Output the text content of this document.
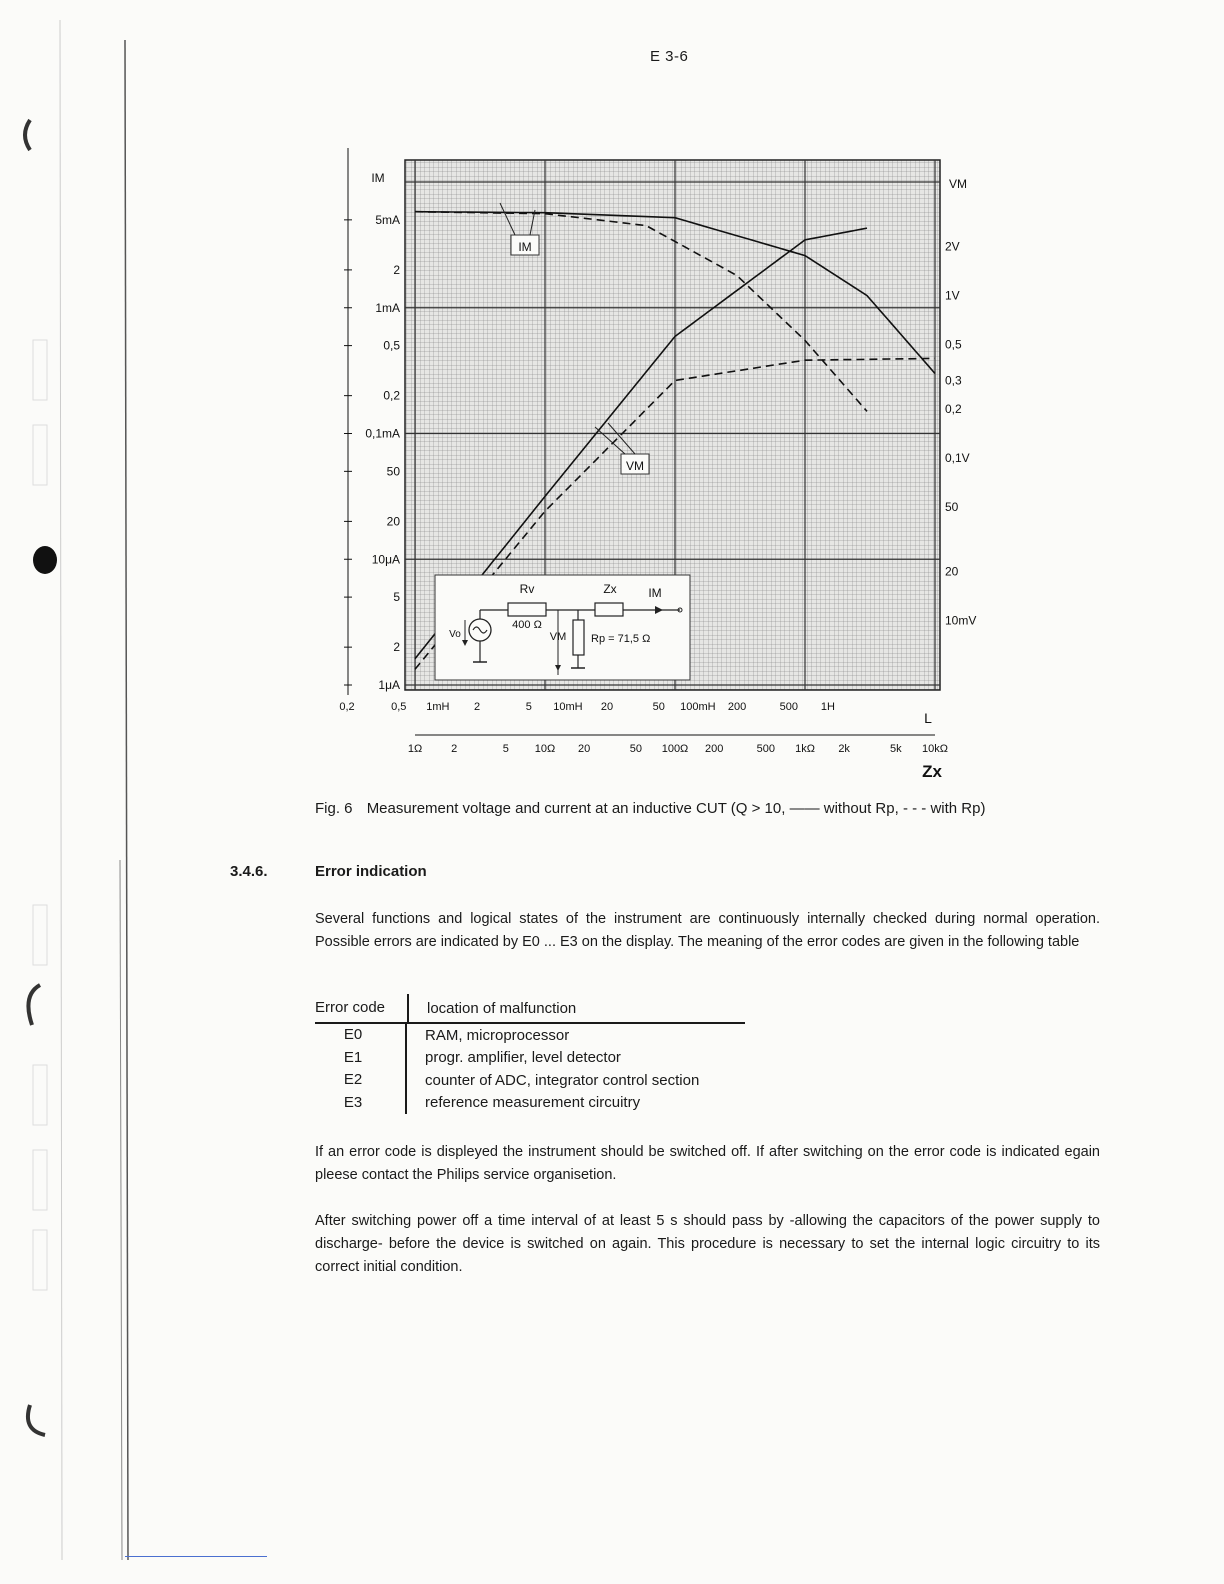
E 3-6
5mA
2
1mA
0,5
0,2
0,1mA
50
20
10μA
5
2
1μA
IM
2V
1V
0,5
0,3
0,2
0,1V
50
20
10mV
VM
0,2	0,5 1mH 2	5 10mH 20	50 100mH 200	500 1H
L
1Ω	2	5 10Ω 20	50 100Ω 200	500 1kΩ 2k	5k 10kΩ
Zx
IM
VM
Rv
400 Ω
Zx	IM
Vo	VM Rp = 71,5 Ω
Fig. 6 Measurement voltage and current at an inductive CUT (Q > 10, —— without Rp, - - - with Rp)
3.4.6.	Error indication

Several functions and logical states of the instrument are continuously internally checked during normal operation. Possible errors are indicated by E0 ... E3 on the display. The meaning of the error codes are given in the following table

Error code	location of malfunction
E0	RAM, microprocessor
E1	progr. amplifier, level detector
E2	counter of ADC, integrator control section
E3	reference measurement circuitry

If an error code is displeyed the instrument should be switched off. If after switching on the error code is indicated egain pleese contact the Philips service organisetion.

After switching power off a time interval of at least 5 s should pass by -allowing the capacitors of the power supply to discharge- before the device is switched on again. This procedure is necessary to set the internal logic circuitry to its correct initial condition.
